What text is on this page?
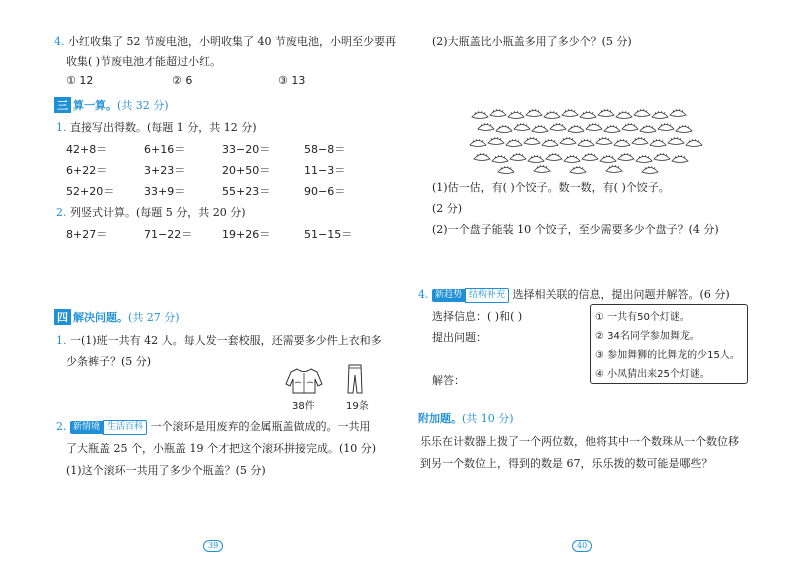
4. 小红收集了 52 节废电池，小明收集了 40 节废电池，小明至少要再
收集( )节废电池才能超过小红。
① 12	② 6	③ 13
三 算一算。(共 32 分)
1. 直接写出得数。(每题 1 分，共 12 分)
42+8＝	6+16＝	33−20＝	58−8＝
6+22＝	3+23＝	20+50＝	11−3＝
52+20＝	33+9＝	55+23＝	90−6＝
2. 列竖式计算。(每题 5 分，共 20 分)
8+27＝	71−22＝	19+26＝	51−15＝
四 解决问题。(共 27 分)
1. 一(1)班一共有 42 人。每人发一套校服，还需要多少件上衣和多
少条裤子？(5 分)
38件	19条
2. 新情境 生活百科 一个滚环是用废弃的金属瓶盖做成的。一共用
了大瓶盖 25 个，小瓶盖 19 个才把这个滚环拼接完成。(10 分)
(1)这个滚环一共用了多少个瓶盖？(5 分)
39
(2)大瓶盖比小瓶盖多用了多少个？(5 分)
(1)估一估，有( )个饺子。数一数，有( )个饺子。
(2 分)
(2)一个盘子能装 10 个饺子，至少需要多少个盘子？(4 分)
4. 新趋势 结构补充 选择相关联的信息，提出问题并解答。(6 分)
选择信息：( )和( )
提出问题：
解答：
① 一共有50个灯谜。
② 34名同学参加舞龙。
③ 参加舞狮的比舞龙的少15人。
④ 小凤猜出来25个灯谜。
附加题。(共 10 分)
乐乐在计数器上拨了一个两位数，他将其中一个数珠从一个数位移
到另一个数位上，得到的数是 67，乐乐拨的数可能是哪些？
40
